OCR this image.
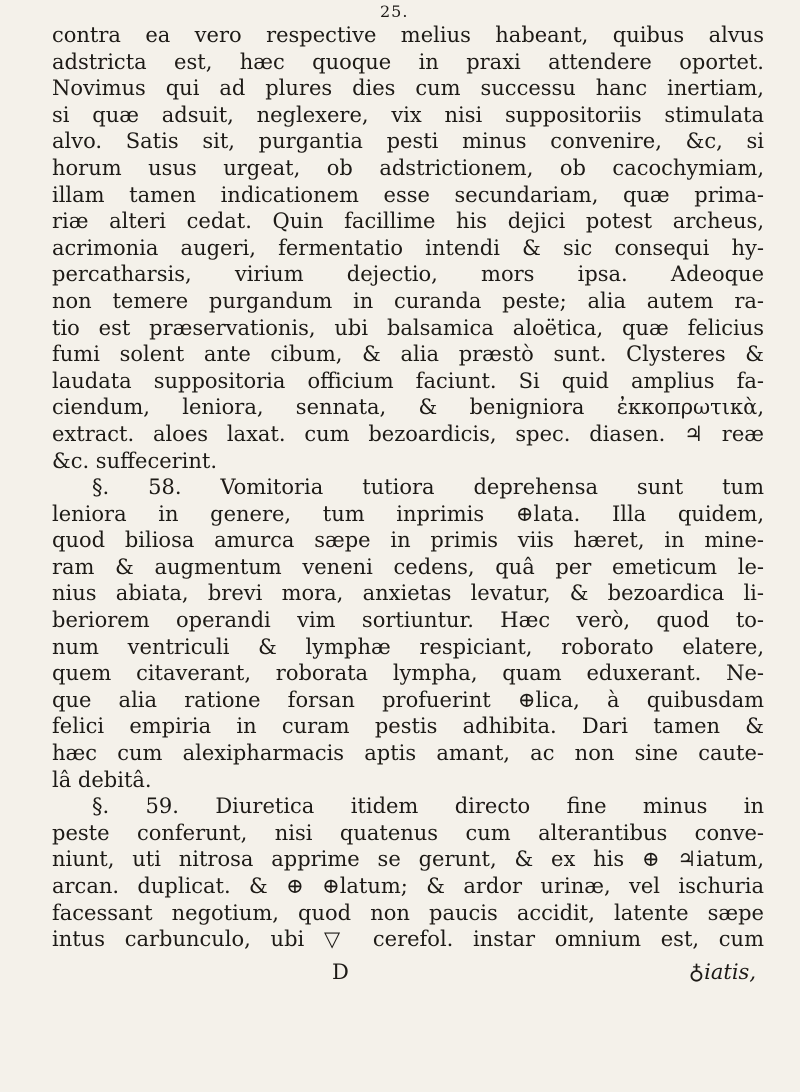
25.
contra ea vero respective melius habeant, quibus alvus
adstricta est, hæc quoque in praxi attendere oportet.
Novimus qui ad plures dies cum successu hanc inertiam,
si quæ adsuit, neglexere, vix nisi suppositoriis stimulata
alvo. Satis sit, purgantia pesti minus convenire, &c, si
horum usus urgeat, ob adstrictionem, ob cacochymiam,
illam tamen indicationem esse secundariam, quæ prima-
riæ alteri cedat. Quin facillime his dejici potest archeus,
acrimonia augeri, fermentatio intendi & sic consequi hy-
percatharsis, virium dejectio, mors ipsa. Adeoque
non temere purgandum in curanda peste; alia autem ra-
tio est præservationis, ubi balsamica aloëtica, quæ felicius
fumi solent ante cibum, & alia præstò sunt. Clysteres &
laudata suppositoria officium faciunt. Si quid amplius fa-
ciendum, leniora, sennata, & benigniora ἐκκοπρωτικὰ,
extract. aloes laxat. cum bezoardicis, spec. diasen. ♃ reæ
&c. suffecerint.
§. 58. Vomitoria tutiora deprehensa sunt tum
leniora in genere, tum inprimis ⊕lata. Illa quidem,
quod biliosa amurca sæpe in primis viis hæret, in mine-
ram & augmentum veneni cedens, quâ per emeticum le-
nius abiata, brevi mora, anxietas levatur, & bezoardica li-
beriorem operandi vim sortiuntur. Hæc verò, quod to-
num ventriculi & lymphæ respiciant, roborato elatere,
quem citaverant, roborata lympha, quam eduxerant. Ne-
que alia ratione forsan profuerint ⊕lica, à quibusdam
felici empiria in curam pestis adhibita. Dari tamen &
hæc cum alexipharmacis aptis amant, ac non sine caute-
lâ debitâ.
§. 59. Diuretica itidem directo fine minus in
peste conferunt, nisi quatenus cum alterantibus conve-
niunt, uti nitrosa apprime se gerunt, & ex his ⊕ ♃iatum,
arcan. duplicat. & ⊕ ⊕latum; & ardor urinæ, vel ischuria
facessant negotium, quod non paucis accidit, latente sæpe
intus carbunculo, ubi ▽ cerefol. instar omnium est, cum
D	♁iatis,
